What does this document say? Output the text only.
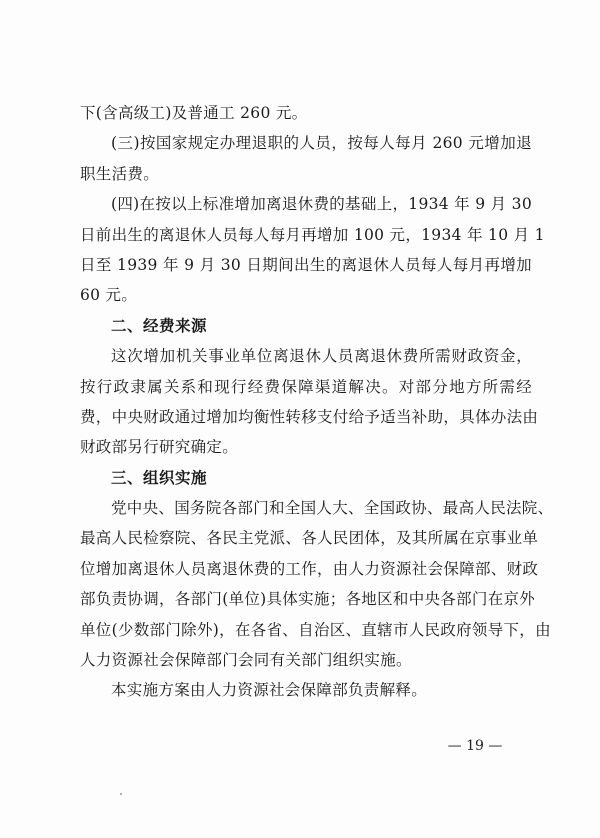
下(含高级工)及普通工 260 元。
(三)按国家规定办理退职的人员，按每人每月 260 元增加退
职生活费。
(四)在按以上标准增加离退休费的基础上，1934 年 9 月 30
日前出生的离退休人员每人每月再增加 100 元，1934 年 10 月 1
日至 1939 年 9 月 30 日期间出生的离退休人员每人每月再增加
60 元。
二、经费来源
这次增加机关事业单位离退休人员离退休费所需财政资金，
按行政隶属关系和现行经费保障渠道解决。对部分地方所需经
费，中央财政通过增加均衡性转移支付给予适当补助，具体办法由
财政部另行研究确定。
三、组织实施
党中央、国务院各部门和全国人大、全国政协、最高人民法院、
最高人民检察院、各民主党派、各人民团体，及其所属在京事业单
位增加离退休人员离退休费的工作，由人力资源社会保障部、财政
部负责协调，各部门(单位)具体实施；各地区和中央各部门在京外
单位(少数部门除外)，在各省、自治区、直辖市人民政府领导下，由
人力资源社会保障部门会同有关部门组织实施。
本实施方案由人力资源社会保障部负责解释。
— 19 —
